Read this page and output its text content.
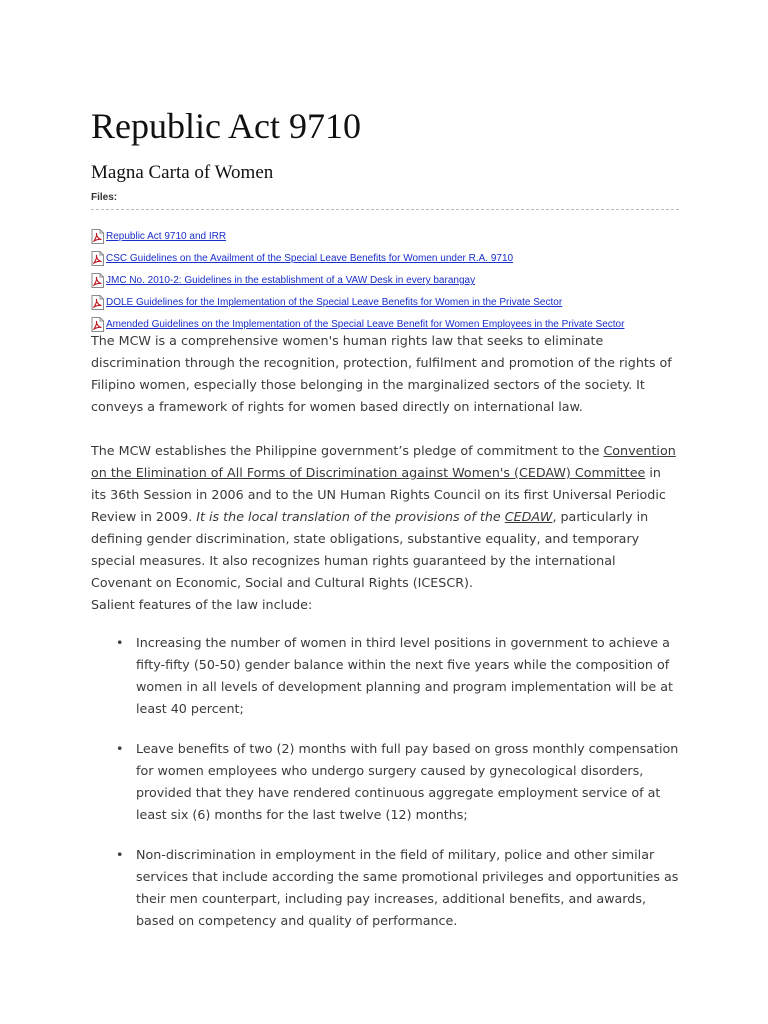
Republic Act 9710
Magna Carta of Women
Files:
Republic Act 9710 and IRR
CSC Guidelines on the Availment of the Special Leave Benefits for Women under R.A. 9710
JMC No. 2010-2: Guidelines in the establishment of a VAW Desk in every barangay
DOLE Guidelines for the Implementation of the Special Leave Benefits for Women in the Private Sector
Amended Guidelines on the Implementation of the Special Leave Benefit for Women Employees in the Private Sector

The MCW is a comprehensive women's human rights law that seeks to eliminate discrimination through the recognition, protection, fulfilment and promotion of the rights of Filipino women, especially those belonging in the marginalized sectors of the society. It conveys a framework of rights for women based directly on international law.

The MCW establishes the Philippine government’s pledge of commitment to the Convention on the Elimination of All Forms of Discrimination against Women's (CEDAW) Committee in its 36th Session in 2006 and to the UN Human Rights Council on its first Universal Periodic Review in 2009. It is the local translation of the provisions of the CEDAW, particularly in defining gender discrimination, state obligations, substantive equality, and temporary special measures. It also recognizes human rights guaranteed by the international Covenant on Economic, Social and Cultural Rights (ICESCR).
Salient features of the law include:

• Increasing the number of women in third level positions in government to achieve a fifty-fifty (50-50) gender balance within the next five years while the composition of women in all levels of development planning and program implementation will be at least 40 percent;
• Leave benefits of two (2) months with full pay based on gross monthly compensation for women employees who undergo surgery caused by gynecological disorders, provided that they have rendered continuous aggregate employment service of at least six (6) months for the last twelve (12) months;
• Non-discrimination in employment in the field of military, police and other similar services that include according the same promotional privileges and opportunities as their men counterpart, including pay increases, additional benefits, and awards, based on competency and quality of performance.
